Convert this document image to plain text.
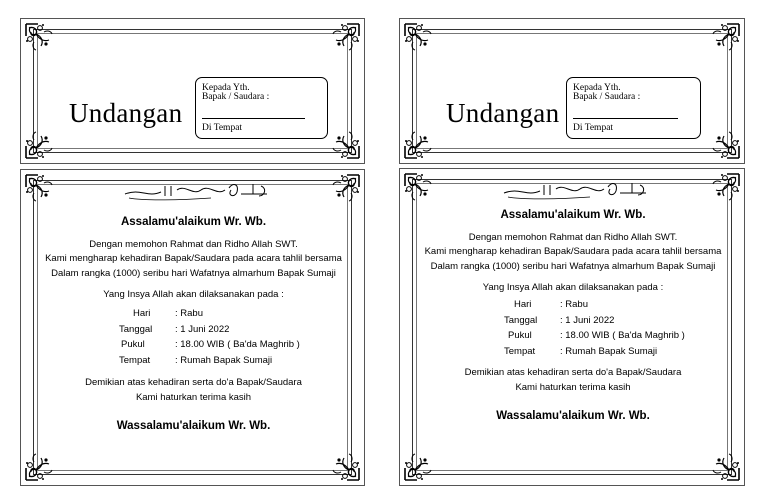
Undangan
Kepada Yth.
Bapak / Saudara :
Di Tempat
Assalamu'alaikum Wr. Wb.
Dengan memohon Rahmat dan Ridho Allah SWT.
Kami mengharap kehadiran Bapak/Saudara pada acara tahlil bersama
Dalam rangka (1000) seribu hari Wafatnya almarhum Bapak Sumaji
Yang Insya Allah akan dilaksanakan pada :
Hari	: Rabu
Tanggal	: 1 Juni 2022
Pukul	: 18.00 WIB ( Ba'da Maghrib )
Tempat	: Rumah Bapak Sumaji
Demikian atas kehadiran serta do'a Bapak/Saudara
Kami haturkan terima kasih
Wassalamu'alaikum Wr. Wb.
Undangan
Kepada Yth.
Bapak / Saudara :
Di Tempat
Assalamu'alaikum Wr. Wb.
Dengan memohon Rahmat dan Ridho Allah SWT.
Kami mengharap kehadiran Bapak/Saudara pada acara tahlil bersama
Dalam rangka (1000) seribu hari Wafatnya almarhum Bapak Sumaji
Yang Insya Allah akan dilaksanakan pada :
Hari	: Rabu
Tanggal	: 1 Juni 2022
Pukul	: 18.00 WIB ( Ba'da Maghrib )
Tempat	: Rumah Bapak Sumaji
Demikian atas kehadiran serta do'a Bapak/Saudara
Kami haturkan terima kasih
Wassalamu'alaikum Wr. Wb.
